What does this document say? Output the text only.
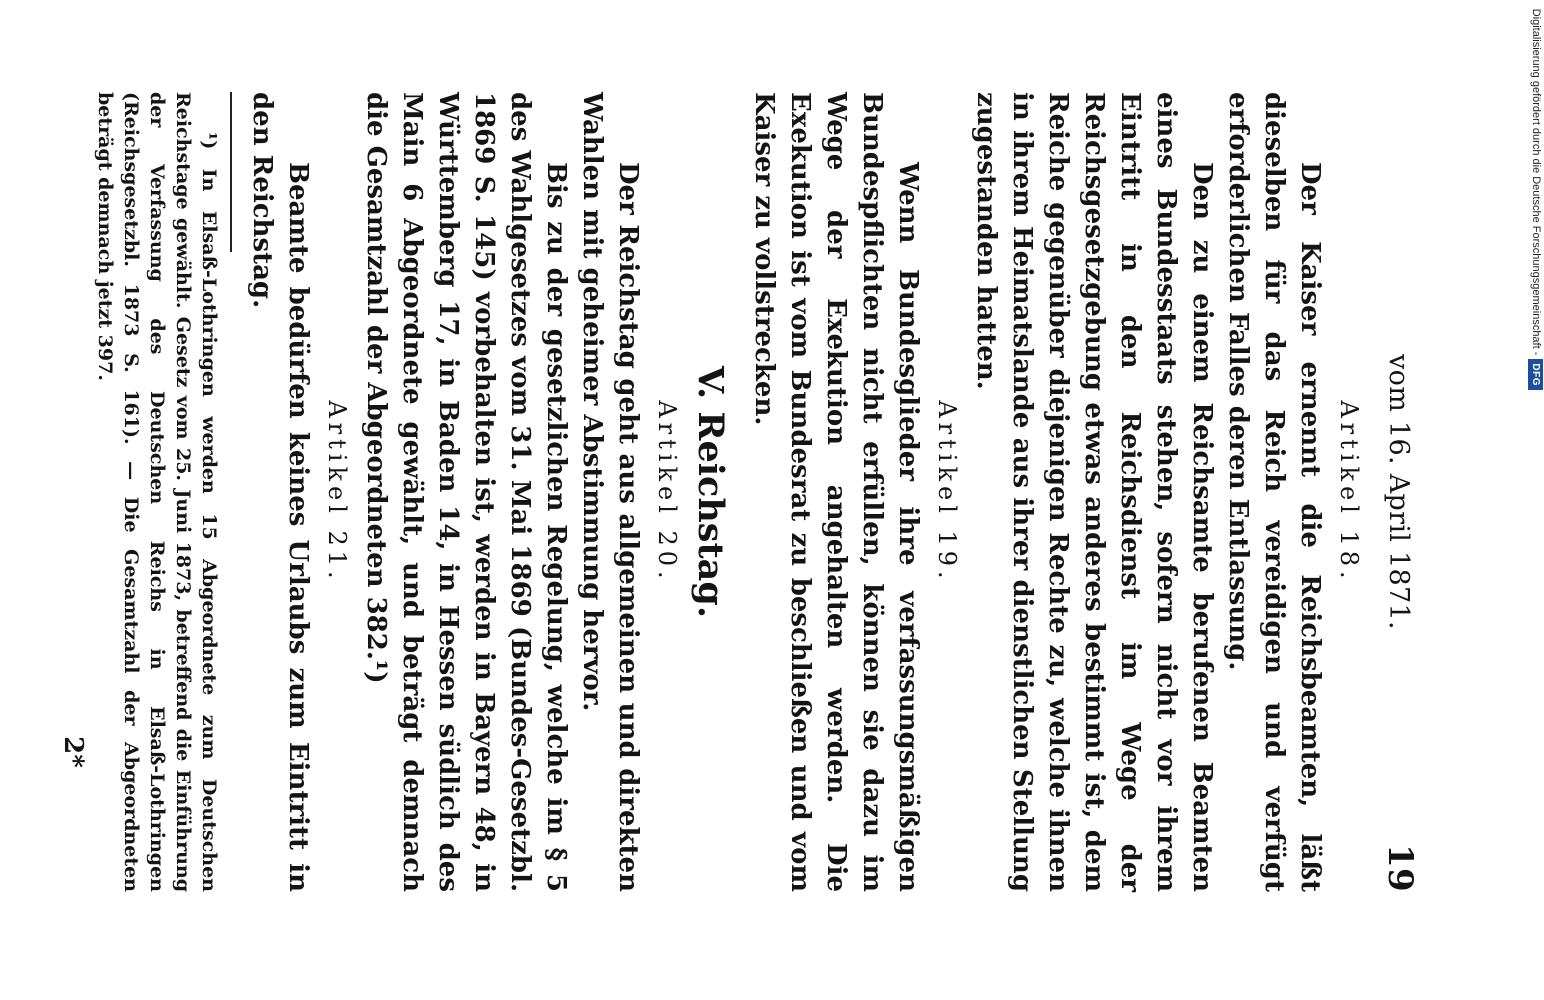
vom 16. April 1871.
19
Artikel 18.

Der Kaiser ernennt die Reichsbeamten, läßt dieselben für das Reich vereidigen und verfügt erforderlichen Falles deren Entlassung.

Den zu einem Reichsamte berufenen Beamten eines Bundesstaats stehen, sofern nicht vor ihrem Eintritt in den Reichsdienst im Wege der Reichsgesetzgebung etwas anderes bestimmt ist, dem Reiche gegenüber diejenigen Rechte zu, welche ihnen in ihrem Heimatslande aus ihrer dienstlichen Stellung zugestanden hatten.

Artikel 19.

Wenn Bundesglieder ihre verfassungsmäßigen Bundespflichten nicht erfüllen, können sie dazu im Wege der Exekution angehalten werden. Die Exekution ist vom Bundesrat zu beschließen und vom Kaiser zu vollstrecken.

V. Reichstag.
Artikel 20.

Der Reichstag geht aus allgemeinen und direkten Wahlen mit geheimer Abstimmung hervor.

Bis zu der gesetzlichen Regelung, welche im § 5 des Wahlgesetzes vom 31. Mai 1869 (Bundes-Gesetzbl. 1869 S. 145) vorbehalten ist, werden in Bayern 48, in Württemberg 17, in Baden 14, in Hessen südlich des Main 6 Abgeordnete gewählt, und beträgt demnach die Gesamtzahl der Abgeordneten 382.¹)

Artikel 21.

Beamte bedürfen keines Urlaubs zum Eintritt in den Reichstag.

¹) In Elsaß-Lothringen werden 15 Abgeordnete zum Deutschen Reichstage gewählt. Gesetz vom 25. Juni 1873, betreffend die Einführung der Verfassung des Deutschen Reichs in Elsaß-Lothringen (Reichsgesetzbl. 1873 S. 161). — Die Gesamtzahl der Abgeordneten beträgt demnach jetzt 397.

2*
Digitalisierung gefördert durch die Deutsche Forschungsgemeinschaft -
DFG
